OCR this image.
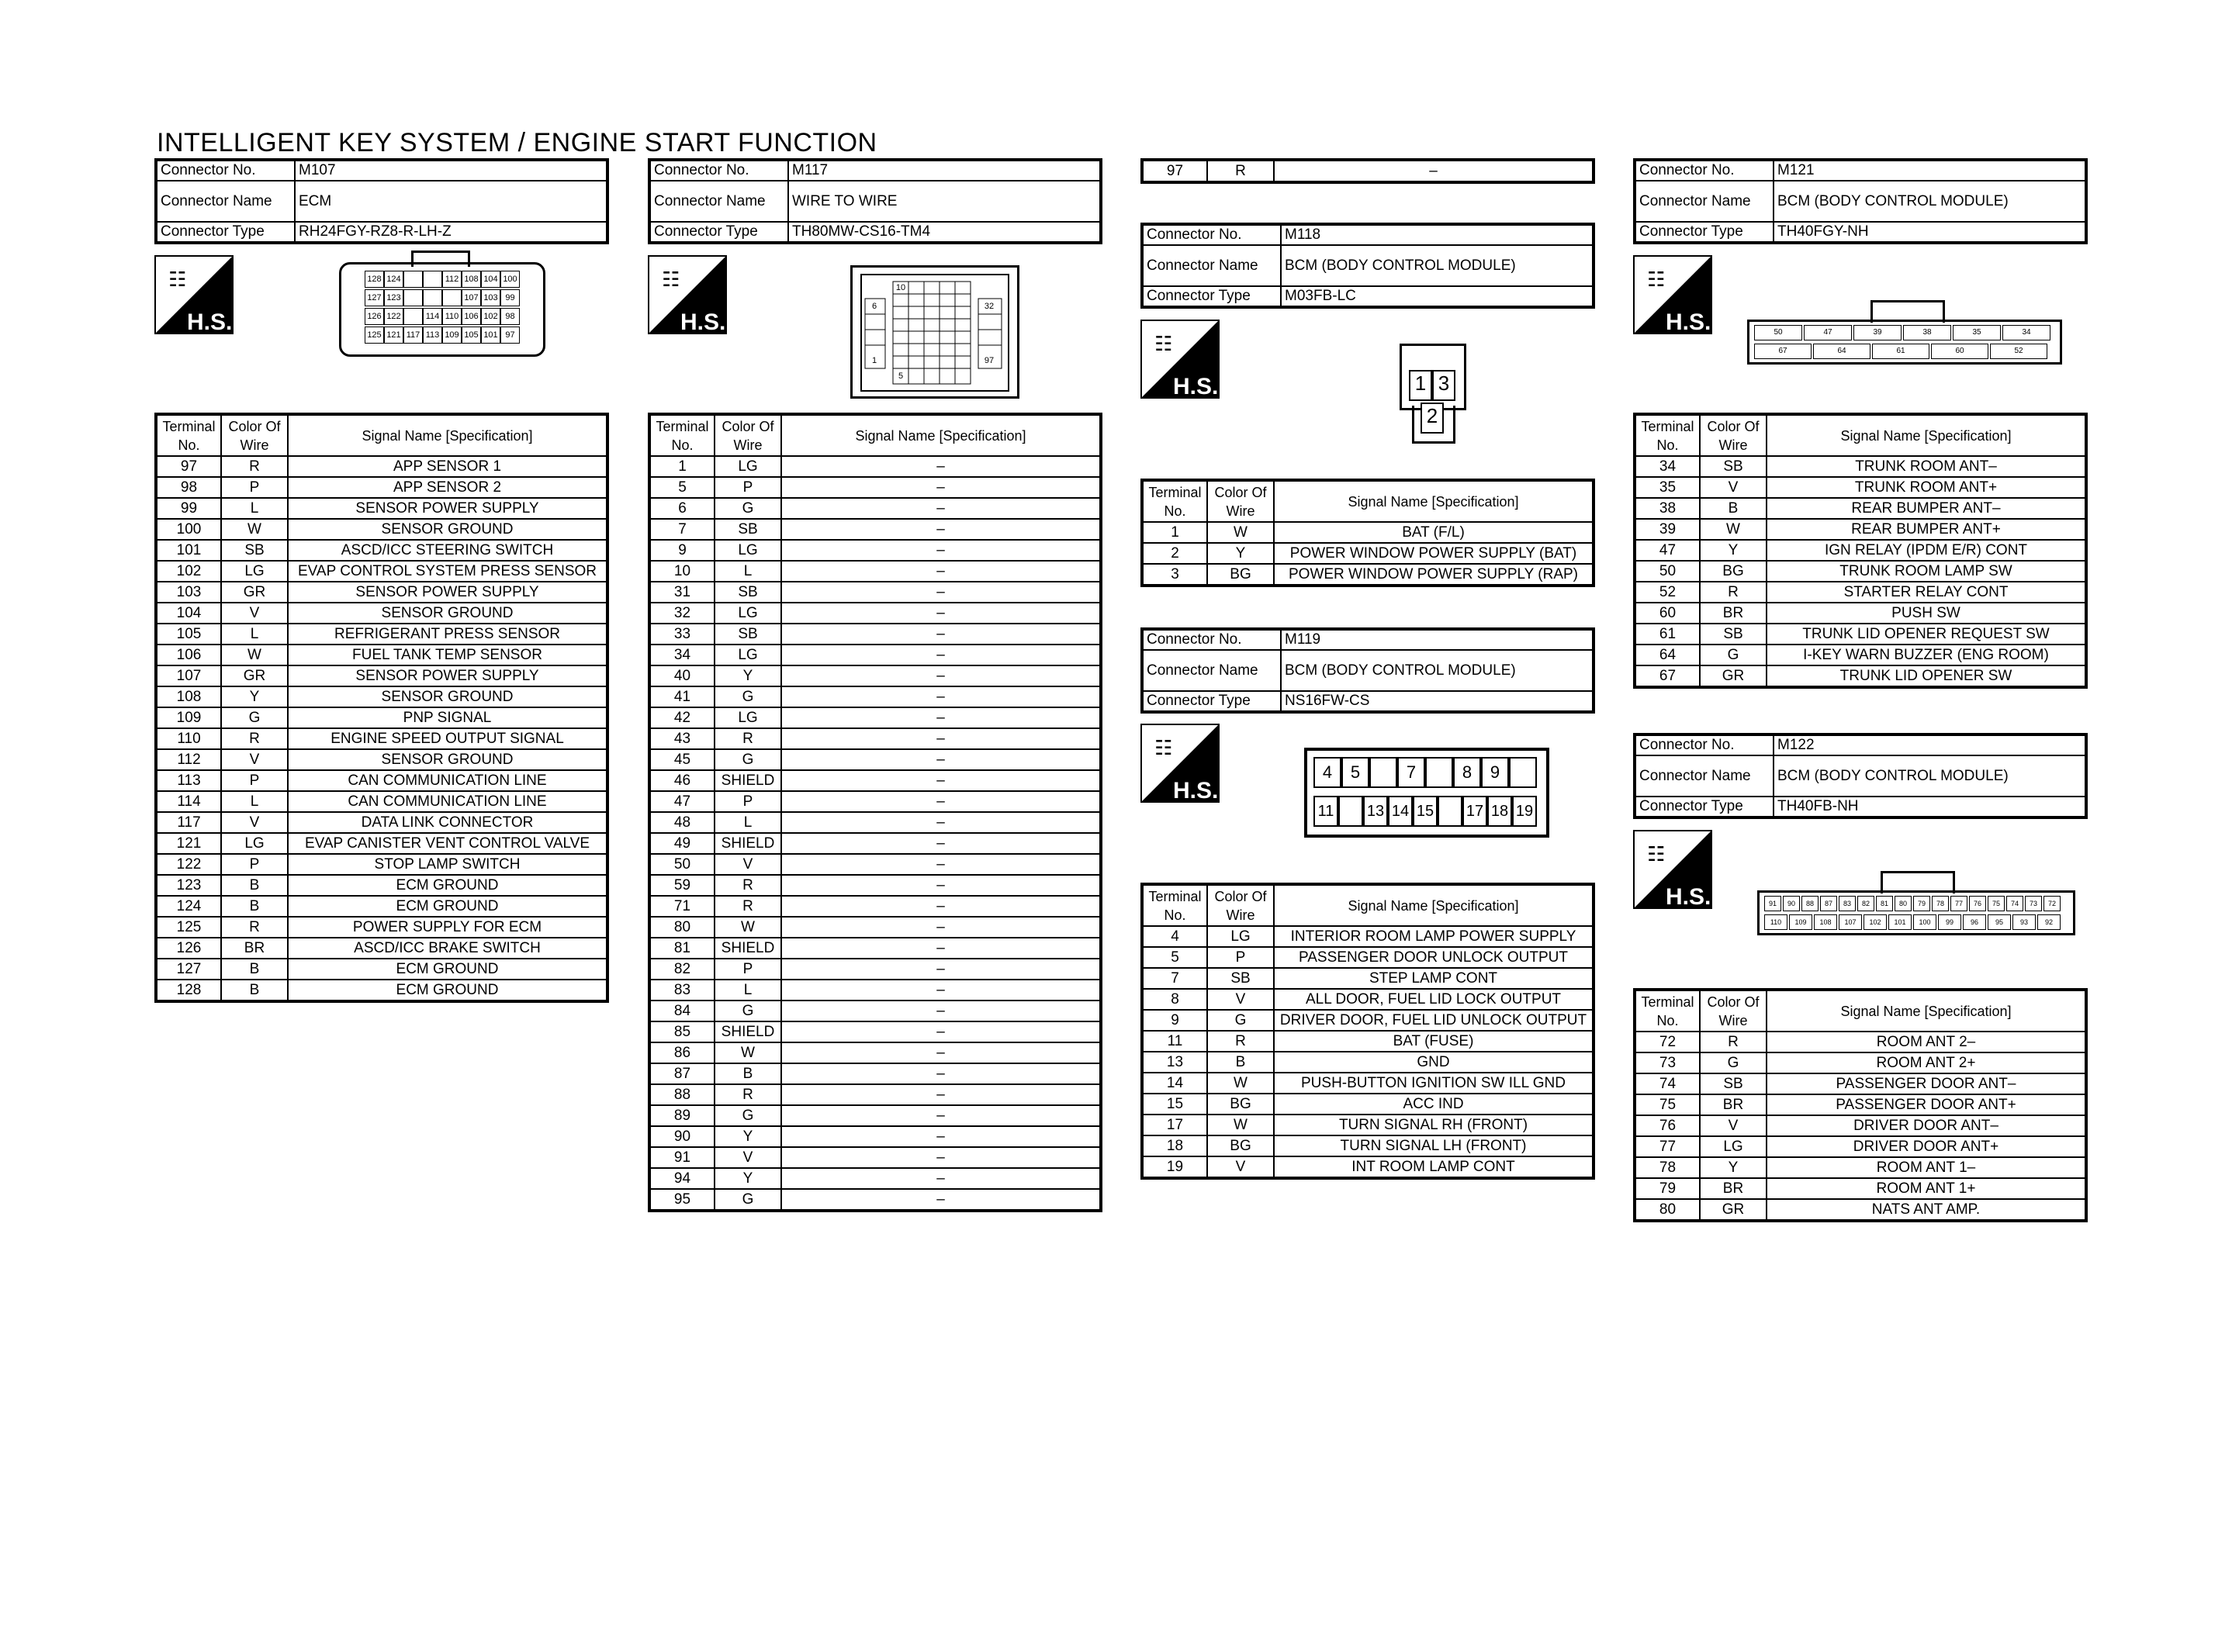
INTELLIGENT KEY SYSTEM / ENGINE START FUNCTION
Connector No.	M107
Connector Name	ECM
Connector Type	RH24FGY-RZ8-R-LH-Z
☷
H.S.
128 124	112 108 104 100
127 123	107 103 99
126 122	114 110 106 102 98
125 121 117 113 109 105 101 97
Terminal No.	Color Of Wire	Signal Name [Specification]
97	R	APP SENSOR 1
98	P	APP SENSOR 2
99	L	SENSOR POWER SUPPLY
100	W	SENSOR GROUND
101	SB	ASCD/ICC STEERING SWITCH
102	LG	EVAP CONTROL SYSTEM PRESS SENSOR
103	GR	SENSOR POWER SUPPLY
104	V	SENSOR GROUND
105	L	REFRIGERANT PRESS SENSOR
106	W	FUEL TANK TEMP SENSOR
107	GR	SENSOR POWER SUPPLY
108	Y	SENSOR GROUND
109	G	PNP SIGNAL
110	R	ENGINE SPEED OUTPUT SIGNAL
112	V	SENSOR GROUND
113	P	CAN COMMUNICATION LINE
114	L	CAN COMMUNICATION LINE
117	V	DATA LINK CONNECTOR
121	LG	EVAP CANISTER VENT CONTROL VALVE
122	P	STOP LAMP SWITCH
123	B	ECM GROUND
124	B	ECM GROUND
125	R	POWER SUPPLY FOR ECM
126	BR	ASCD/ICC BRAKE SWITCH
127	B	ECM GROUND
128	B	ECM GROUND
Connector No.	M117
Connector Name	WIRE TO WIRE
Connector Type	TH80MW-CS16-TM4
☷
H.S.
6
1
10
5
32
97
Terminal No.	Color Of Wire	Signal Name [Specification]
1	LG	–
5	P	–
6	G	–
7	SB	–
9	LG	–
10	L	–
31	SB	–
32	LG	–
33	SB	–
34	LG	–
40	Y	–
41	G	–
42	LG	–
43	R	–
45	G	–
46	SHIELD	–
47	P	–
48	L	–
49	SHIELD	–
50	V	–
59	R	–
71	R	–
80	W	–
81	SHIELD	–
82	P	–
83	L	–
84	G	–
85	SHIELD	–
86	W	–
87	B	–
88	R	–
89	G	–
90	Y	–
91	V	–
94	Y	–
95	G	–
97	R	–
Connector No.	M118
Connector Name	BCM (BODY CONTROL MODULE)
Connector Type	M03FB-LC
☷
H.S.	1 3
2
Terminal No.	Color Of Wire	Signal Name [Specification]
1	W	BAT (F/L)
2	Y	POWER WINDOW POWER SUPPLY (BAT)
3	BG	POWER WINDOW POWER SUPPLY (RAP)
Connector No.	M119
Connector Name	BCM (BODY CONTROL MODULE)
Connector Type	NS16FW-CS
☷
H.S.
4	5	7	8	9
11 13 14 15 17 18 19
Terminal No.	Color Of Wire	Signal Name [Specification]
4	LG	INTERIOR ROOM LAMP POWER SUPPLY
5	P	PASSENGER DOOR UNLOCK OUTPUT
7	SB	STEP LAMP CONT
8	V	ALL DOOR, FUEL LID LOCK OUTPUT
9	G	DRIVER DOOR, FUEL LID UNLOCK OUTPUT
11	R	BAT (FUSE)
13	B	GND
14	W	PUSH-BUTTON IGNITION SW ILL GND
15	BG	ACC IND
17	W	TURN SIGNAL RH (FRONT)
18	BG	TURN SIGNAL LH (FRONT)
19	V	INT ROOM LAMP CONT
Connector No.	M121
Connector Name	BCM (BODY CONTROL MODULE)
Connector Type	TH40FGY-NH
☷
H.S.	50	47	39	38	35	34
67	64	61	60	52
Terminal No.	Color Of Wire	Signal Name [Specification]
34	SB	TRUNK ROOM ANT–
35	V	TRUNK ROOM ANT+
38	B	REAR BUMPER ANT–
39	W	REAR BUMPER ANT+
47	Y	IGN RELAY (IPDM E/R) CONT
50	BG	TRUNK ROOM LAMP SW
52	R	STARTER RELAY CONT
60	BR	PUSH SW
61	SB	TRUNK LID OPENER REQUEST SW
64	G	I-KEY WARN BUZZER (ENG ROOM)
67	GR	TRUNK LID OPENER SW
Connector No.	M122
Connector Name	BCM (BODY CONTROL MODULE)
Connector Type	TH40FB-NH
☷
H.S.	91	90	88	87	83	82	81	80	79	78	77	76	75	74	73	72
110	109	108	107	102	101	100	99	96	95	93	92
Terminal No.	Color Of Wire	Signal Name [Specification]
72	R	ROOM ANT 2–
73	G	ROOM ANT 2+
74	SB	PASSENGER DOOR ANT–
75	BR	PASSENGER DOOR ANT+
76	V	DRIVER DOOR ANT–
77	LG	DRIVER DOOR ANT+
78	Y	ROOM ANT 1–
79	BR	ROOM ANT 1+
80	GR	NATS ANT AMP.
